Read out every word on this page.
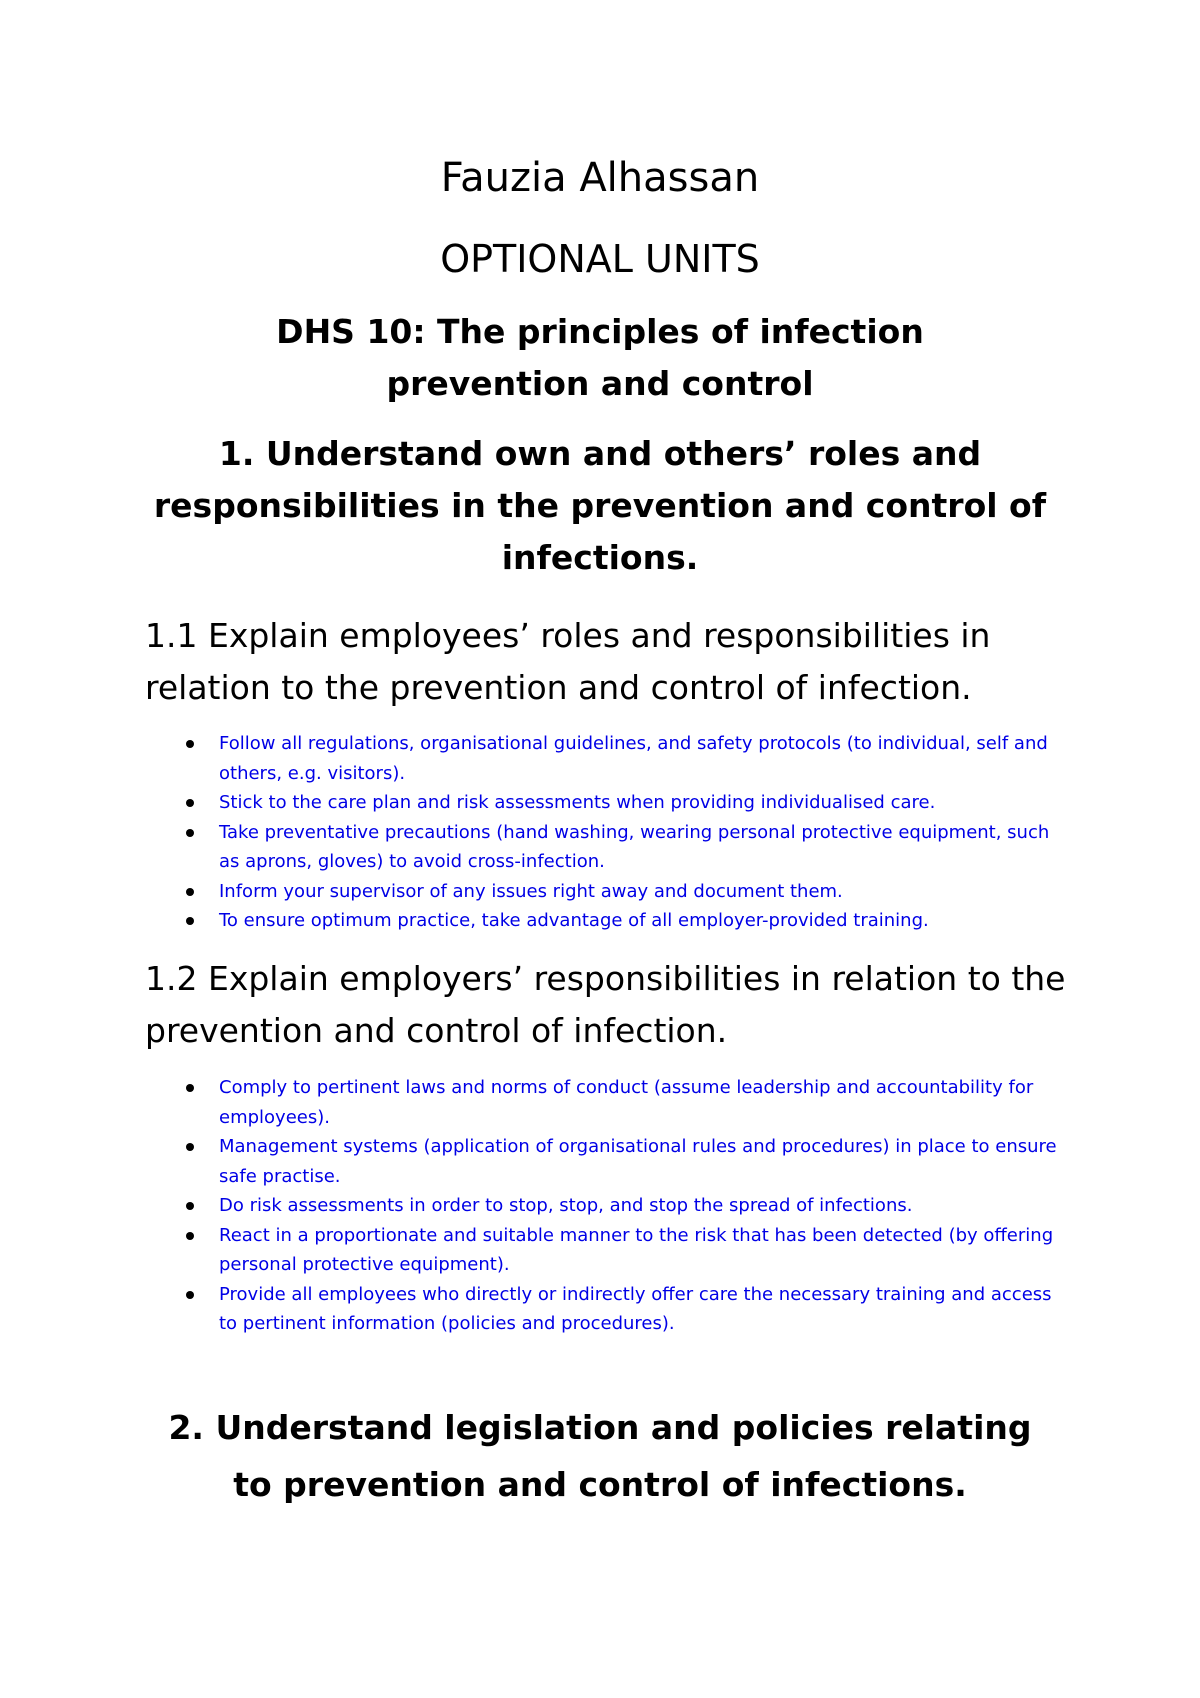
Fauzia Alhassan
OPTIONAL UNITS
DHS 10: The principles of infection prevention and control
1. Understand own and others’ roles and responsibilities in the prevention and control of infections.
1.1 Explain employees’ roles and responsibilities in relation to the prevention and control of infection.
Follow all regulations, organisational guidelines, and safety protocols (to individual, self and others, e.g. visitors).
Stick to the care plan and risk assessments when providing individualised care.
Take preventative precautions (hand washing, wearing personal protective equipment, such as aprons, gloves) to avoid cross-infection.
Inform your supervisor of any issues right away and document them.
To ensure optimum practice, take advantage of all employer-provided training.
1.2 Explain employers’ responsibilities in relation to the prevention and control of infection.
Comply to pertinent laws and norms of conduct (assume leadership and accountability for employees).
Management systems (application of organisational rules and procedures) in place to ensure safe practise.
Do risk assessments in order to stop, stop, and stop the spread of infections.
React in a proportionate and suitable manner to the risk that has been detected (by offering personal protective equipment).
Provide all employees who directly or indirectly offer care the necessary training and access to pertinent information (policies and procedures).
2. Understand legislation and policies relating to prevention and control of infections.
